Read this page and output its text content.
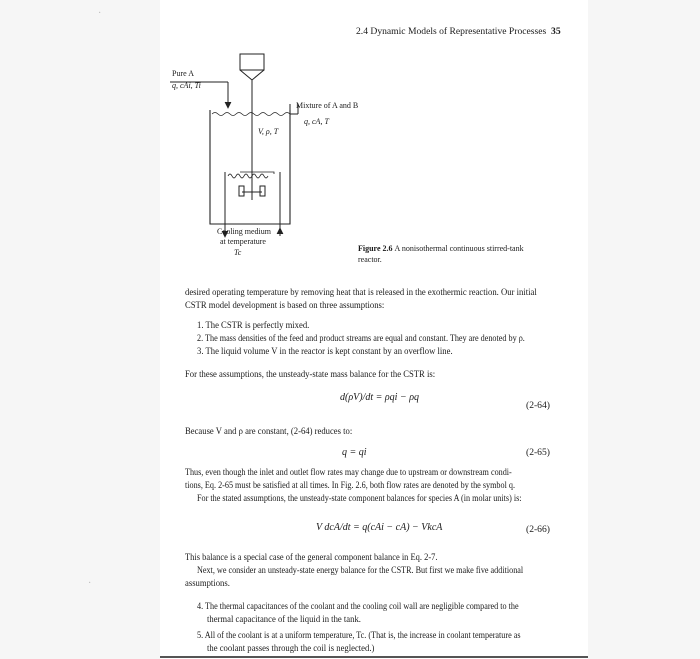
·
·
2.4 Dynamic Models of Representative Processes 35
Pure A
q, cAi, Ti
Mixture of A and B
q, cA, T
V, ρ, T
Cooling medium
at temperature
Tc	Figure 2.6 A nonisothermal continuous stirred-tank
reactor.
desired operating temperature by removing heat that is released in the exothermic reaction. Our initial
CSTR model development is based on three assumptions:
1. The CSTR is perfectly mixed.
2. The mass densities of the feed and product streams are equal and constant. They are denoted by ρ.
3. The liquid volume V in the reactor is kept constant by an overflow line.
For these assumptions, the unsteady-state mass balance for the CSTR is:
d(ρV)/dt = ρqi − ρq
(2-64)
Because V and ρ are constant, (2-64) reduces to:
q = qi	(2-65)
Thus, even though the inlet and outlet flow rates may change due to upstream or downstream condi-
tions, Eq. 2-65 must be satisfied at all times. In Fig. 2.6, both flow rates are denoted by the symbol q.
For the stated assumptions, the unsteady-state component balances for species A (in molar units) is:
V dcA/dt = q(cAi − cA) − VkcA	(2-66)
This balance is a special case of the general component balance in Eq. 2-7.
Next, we consider an unsteady-state energy balance for the CSTR. But first we make five additional
assumptions.
4. The thermal capacitances of the coolant and the cooling coil wall are negligible compared to the
thermal capacitance of the liquid in the tank.
5. All of the coolant is at a uniform temperature, Tc. (That is, the increase in coolant temperature as
the coolant passes through the coil is neglected.)
